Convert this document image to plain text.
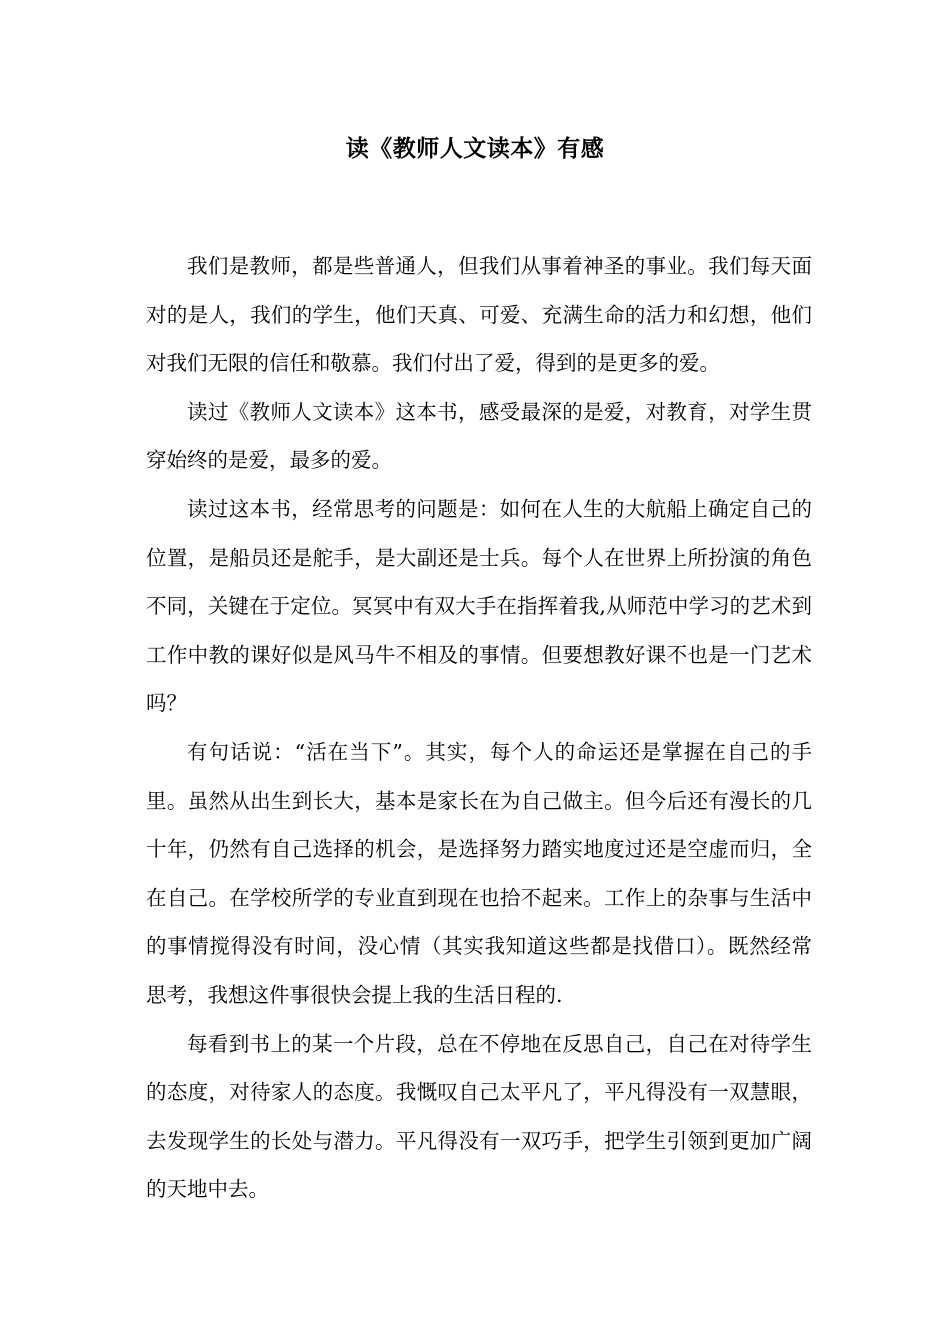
读《教师人文读本》有感

我们是教师，都是些普通人，但我们从事着神圣的事业。我们每天面对的是人，我们的学生，他们天真、可爱、充满生命的活力和幻想，他们对我们无限的信任和敬慕。我们付出了爱，得到的是更多的爱。

读过《教师人文读本》这本书，感受最深的是爱，对教育，对学生贯穿始终的是爱，最多的爱。

读过这本书，经常思考的问题是：如何在人生的大航船上确定自己的位置，是船员还是舵手，是大副还是士兵。每个人在世界上所扮演的角色不同，关键在于定位。冥冥中有双大手在指挥着我,从师范中学习的艺术到工作中教的课好似是风马牛不相及的事情。但要想教好课不也是一门艺术吗？

有句话说：“活在当下”。其实，每个人的命运还是掌握在自己的手里。虽然从出生到长大，基本是家长在为自己做主。但今后还有漫长的几十年，仍然有自己选择的机会，是选择努力踏实地度过还是空虚而归，全在自己。在学校所学的专业直到现在也拾不起来。工作上的杂事与生活中的事情搅得没有时间，没心情（其实我知道这些都是找借口）。既然经常思考，我想这件事很快会提上我的生活日程的.

每看到书上的某一个片段，总在不停地在反思自己，自己在对待学生的态度，对待家人的态度。我慨叹自己太平凡了，平凡得没有一双慧眼，去发现学生的长处与潜力。平凡得没有一双巧手，把学生引领到更加广阔的天地中去。
